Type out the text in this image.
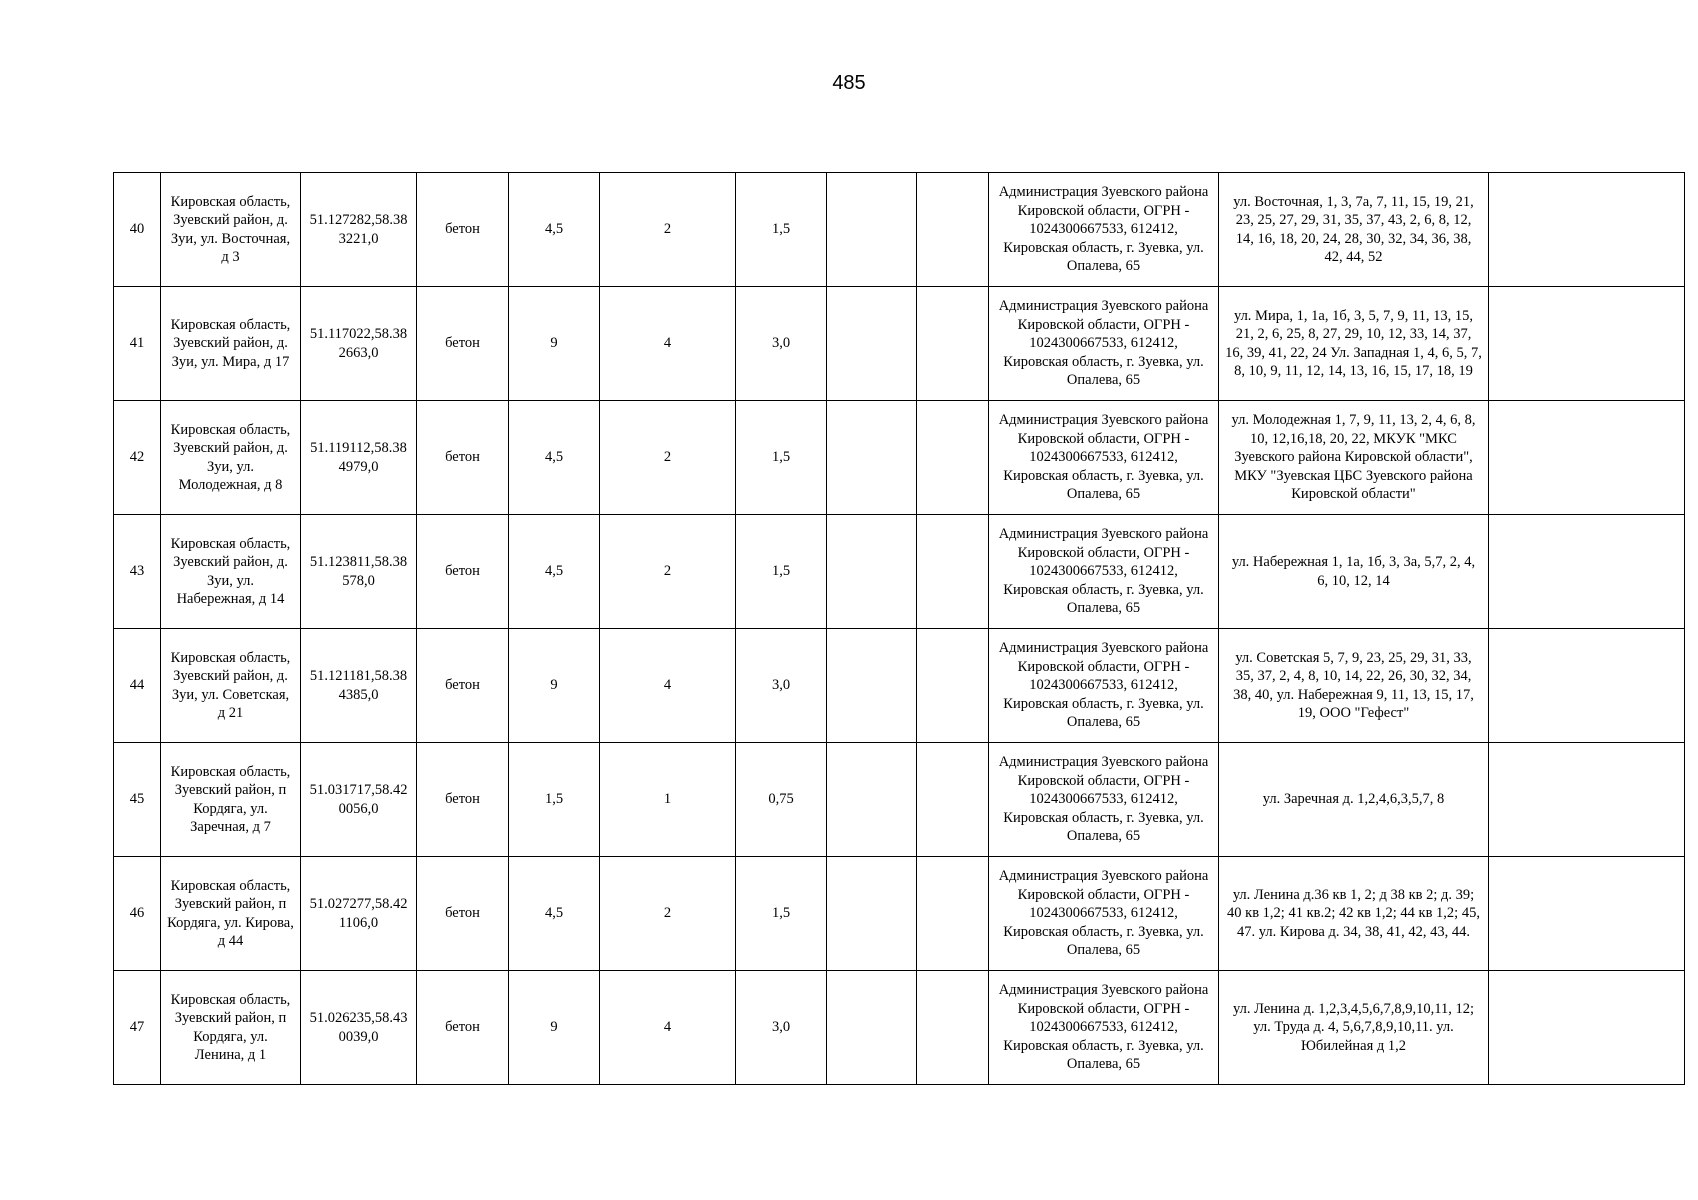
485
40	Кировская область, Зуевский район, д. Зуи, ул. Восточная, д 3	51.127282,58.383221,0	бетон	4,5	2	1,5			Администрация Зуевского района Кировской области, ОГРН - 1024300667533, 612412, Кировская область, г. Зуевка, ул. Опалева, 65	ул. Восточная, 1, 3, 7а, 7, 11, 15, 19, 21, 23, 25, 27, 29, 31, 35, 37, 43, 2, 6, 8, 12, 14, 16, 18, 20, 24, 28, 30, 32, 34, 36, 38, 42, 44, 52	
41	Кировская область, Зуевский район, д. Зуи, ул. Мира, д 17	51.117022,58.382663,0	бетон	9	4	3,0			Администрация Зуевского района Кировской области, ОГРН - 1024300667533, 612412, Кировская область, г. Зуевка, ул. Опалева, 65	ул. Мира, 1, 1а, 1б, 3, 5, 7, 9, 11, 13, 15, 21, 2, 6, 25, 8, 27, 29, 10, 12, 33, 14, 37, 16, 39, 41, 22, 24 Ул. Западная 1, 4, 6, 5, 7, 8, 10, 9, 11, 12, 14, 13, 16, 15, 17, 18, 19	
42	Кировская область, Зуевский район, д. Зуи, ул. Молодежная, д 8	51.119112,58.384979,0	бетон	4,5	2	1,5			Администрация Зуевского района Кировской области, ОГРН - 1024300667533, 612412, Кировская область, г. Зуевка, ул. Опалева, 65	ул. Молодежная 1, 7, 9, 11, 13, 2, 4, 6, 8, 10, 12,16,18, 20, 22, МКУК "МКС Зуевского района Кировской области", МКУ "Зуевская ЦБС Зуевского района Кировской области"	
43	Кировская область, Зуевский район, д. Зуи, ул. Набережная, д 14	51.123811,58.38578,0	бетон	4,5	2	1,5			Администрация Зуевского района Кировской области, ОГРН - 1024300667533, 612412, Кировская область, г. Зуевка, ул. Опалева, 65	ул. Набережная 1, 1а, 1б, 3, 3а, 5,7, 2, 4, 6, 10, 12, 14	
44	Кировская область, Зуевский район, д. Зуи, ул. Советская, д 21	51.121181,58.384385,0	бетон	9	4	3,0			Администрация Зуевского района Кировской области, ОГРН - 1024300667533, 612412, Кировская область, г. Зуевка, ул. Опалева, 65	ул. Советская 5, 7, 9, 23, 25, 29, 31, 33, 35, 37, 2, 4, 8, 10, 14, 22, 26, 30, 32, 34, 38, 40, ул. Набережная 9, 11, 13, 15, 17, 19, ООО "Гефест"	
45	Кировская область, Зуевский район, п Кордяга, ул. Заречная, д 7	51.031717,58.420056,0	бетон	1,5	1	0,75			Администрация Зуевского района Кировской области, ОГРН - 1024300667533, 612412, Кировская область, г. Зуевка, ул. Опалева, 65	ул. Заречная д. 1,2,4,6,3,5,7, 8	
46	Кировская область, Зуевский район, п Кордяга, ул. Кирова, д 44	51.027277,58.421106,0	бетон	4,5	2	1,5			Администрация Зуевского района Кировской области, ОГРН - 1024300667533, 612412, Кировская область, г. Зуевка, ул. Опалева, 65	ул. Ленина д.36 кв 1, 2; д 38 кв 2; д. 39; 40 кв 1,2; 41 кв.2; 42 кв 1,2; 44 кв 1,2; 45, 47. ул. Кирова д. 34, 38, 41, 42, 43, 44.	
47	Кировская область, Зуевский район, п Кордяга, ул. Ленина, д 1	51.026235,58.430039,0	бетон	9	4	3,0			Администрация Зуевского района Кировской области, ОГРН - 1024300667533, 612412, Кировская область, г. Зуевка, ул. Опалева, 65	ул. Ленина д. 1,2,3,4,5,6,7,8,9,10,11, 12; ул. Труда д. 4, 5,6,7,8,9,10,11. ул. Юбилейная д 1,2	
